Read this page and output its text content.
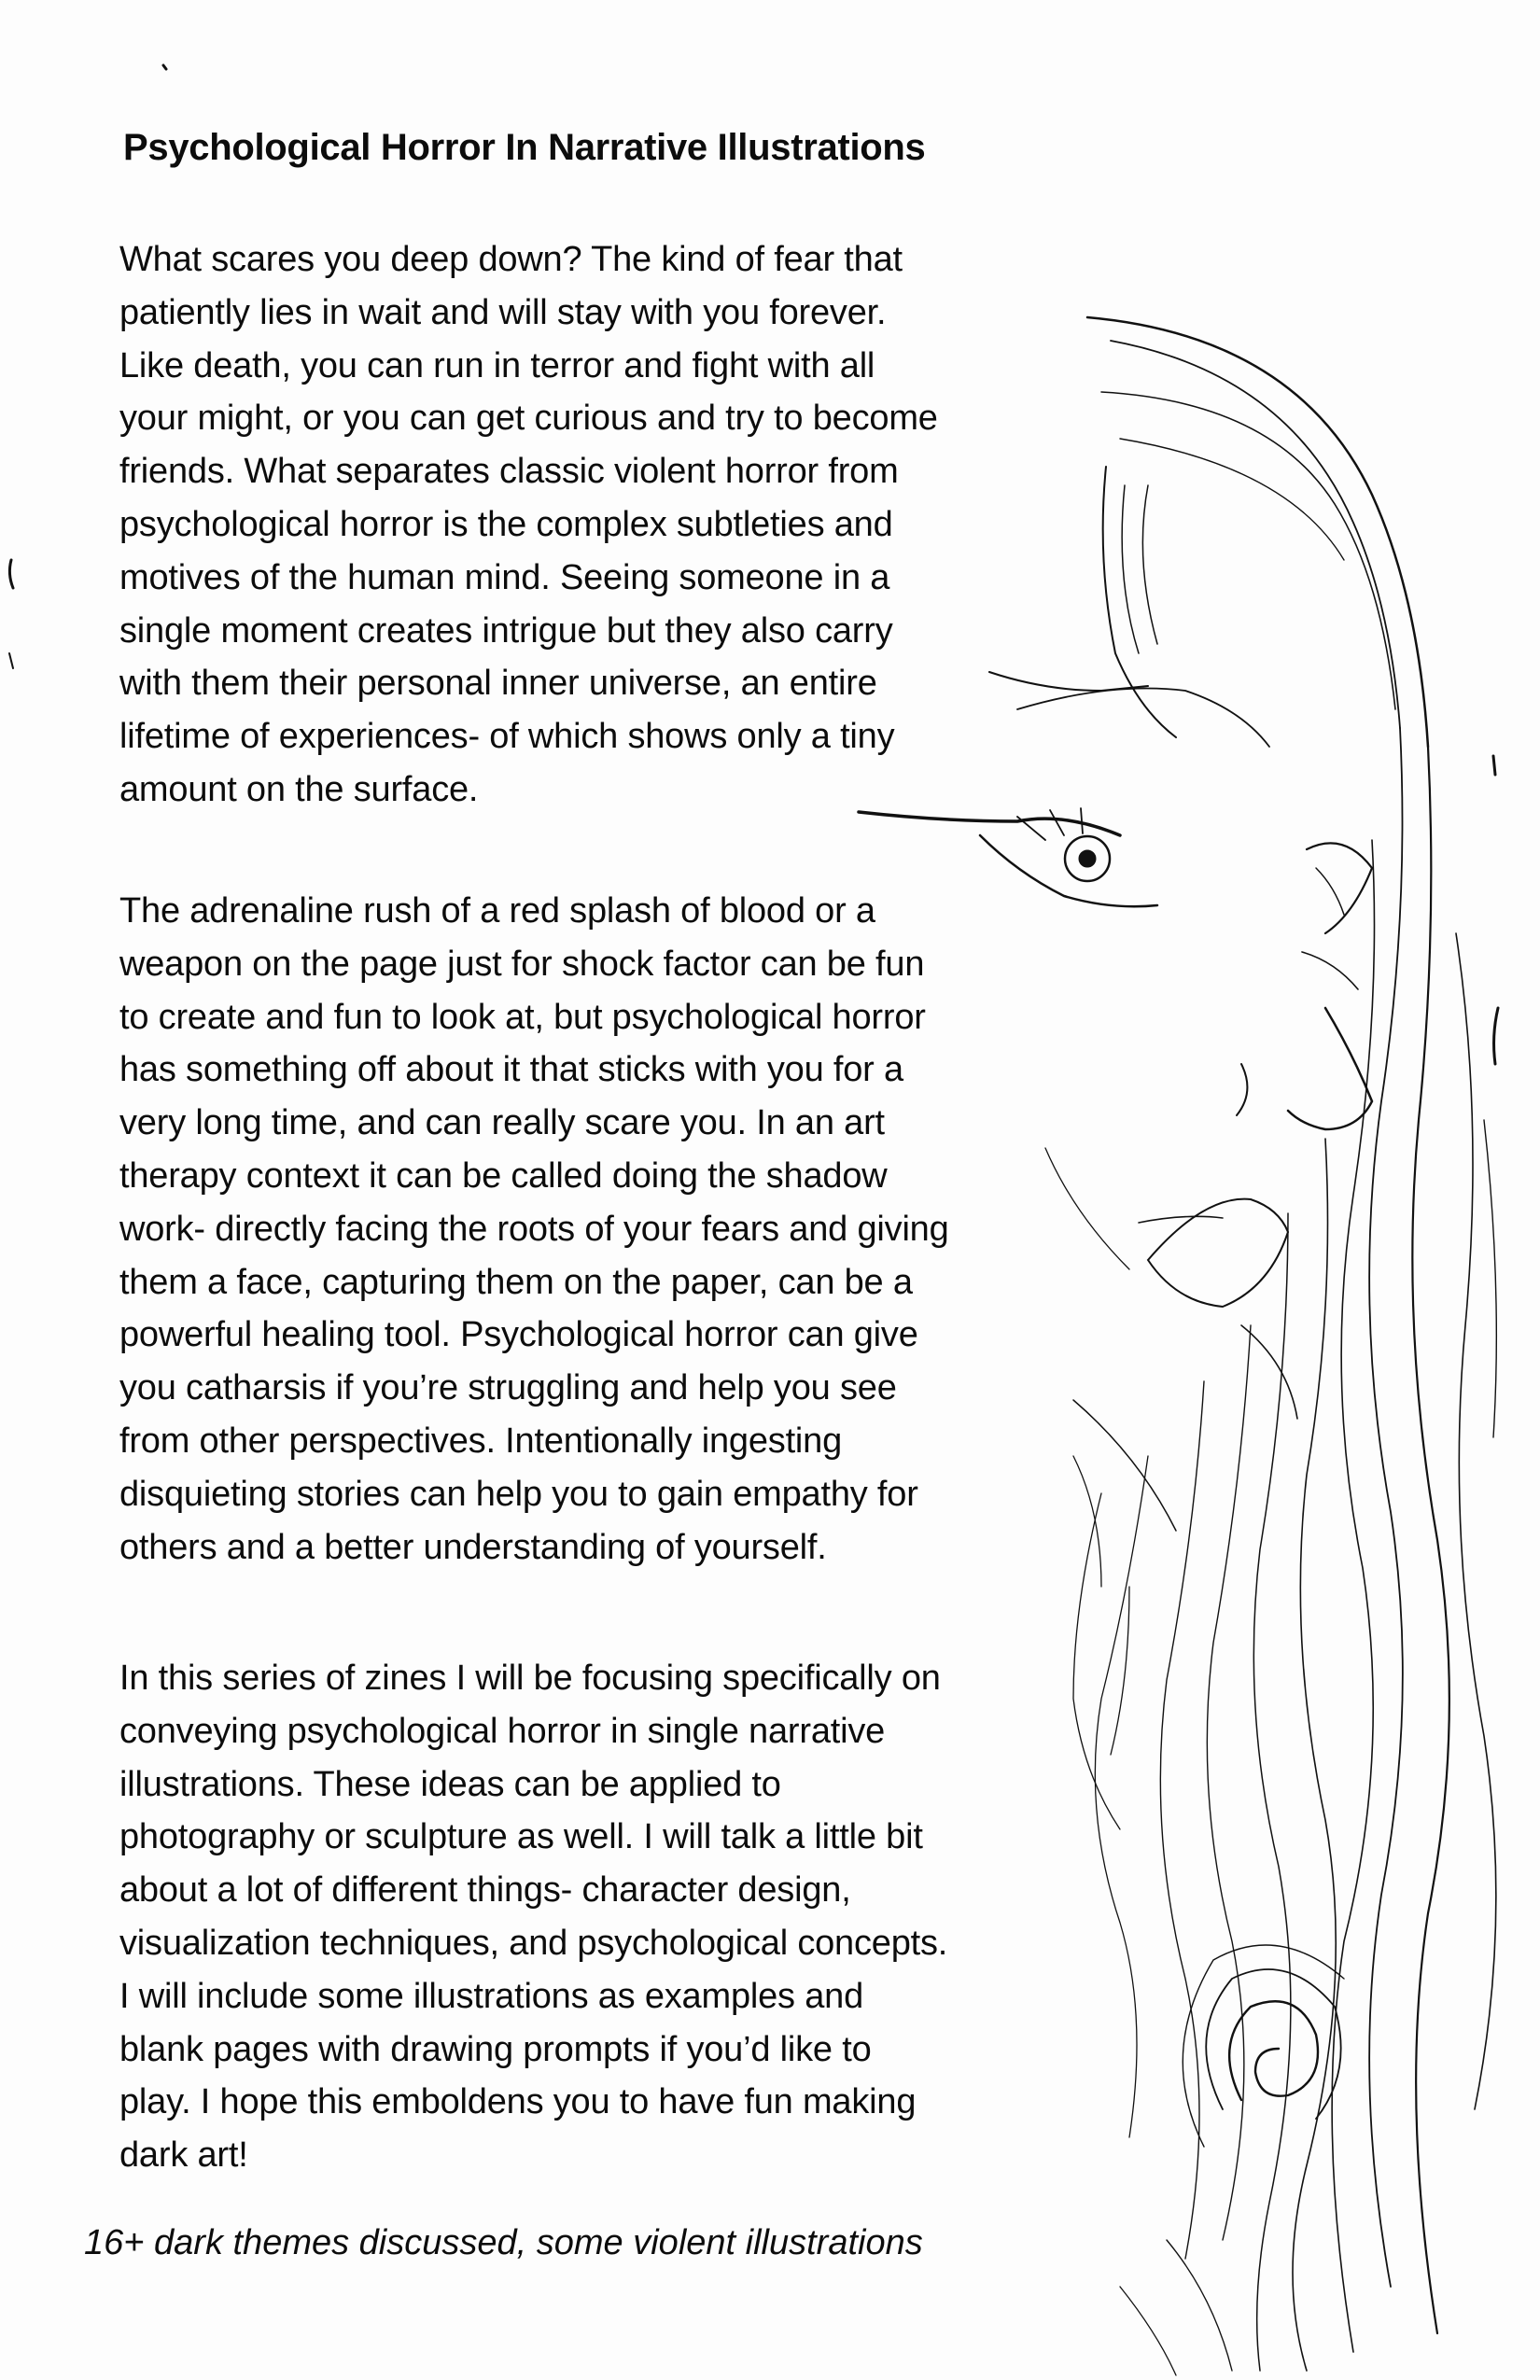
Psychological Horror In Narrative Illustrations
What scares you deep down? The kind of fear that
patiently lies in wait and will stay with you forever.
Like death, you can run in terror and fight with all
your might, or you can get curious and try to become
friends. What separates classic violent horror from
psychological horror is the complex subtleties and
motives of the human mind. Seeing someone in a
single moment creates intrigue but they also carry
with them their personal inner universe, an entire
lifetime of experiences- of which shows only a tiny
amount on the surface.
The adrenaline rush of a red splash of blood or a
weapon on the page just for shock factor can be fun
to create and fun to look at, but psychological horror
has something off about it that sticks with you for a
very long time, and can really scare you. In an art
therapy context it can be called doing the shadow
work- directly facing the roots of your fears and giving
them a face, capturing them on the paper, can be a
powerful healing tool. Psychological horror can give
you catharsis if you’re struggling and help you see
from other perspectives. Intentionally ingesting
disquieting stories can help you to gain empathy for
others and a better understanding of yourself.
In this series of zines I will be focusing specifically on
conveying psychological horror in single narrative
illustrations. These ideas can be applied to
photography or sculpture as well. I will talk a little bit
about a lot of different things- character design,
visualization techniques, and psychological concepts.
I will include some illustrations as examples and
blank pages with drawing prompts if you’d like to
play. I hope this emboldens you to have fun making
dark art!
16+ dark themes discussed, some violent illustrations
